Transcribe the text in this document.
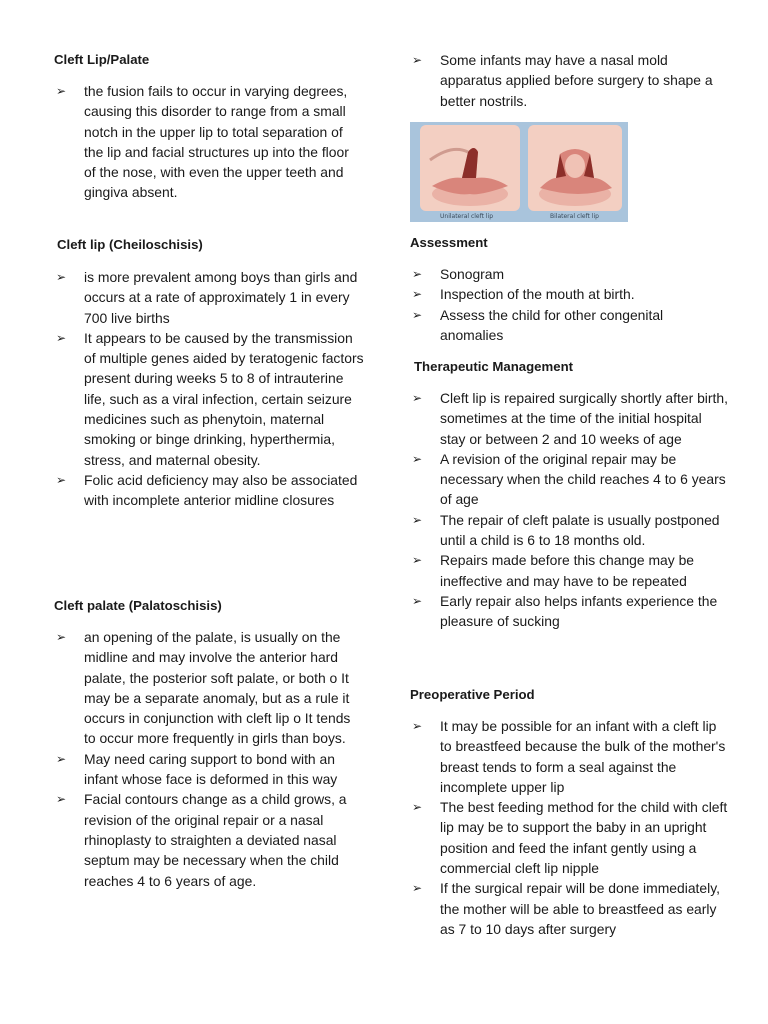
Cleft Lip/Palate
➢ the fusion fails to occur in varying degrees, causing this disorder to range from a small notch in the upper lip to total separation of the lip and facial structures up into the floor of the nose, with even the upper teeth and gingiva absent.
Cleft lip (Cheiloschisis)
➢ is more prevalent among boys than girls and occurs at a rate of approximately 1 in every 700 live births
➢ It appears to be caused by the transmission of multiple genes aided by teratogenic factors present during weeks 5 to 8 of intrauterine life, such as a viral infection, certain seizure medicines such as phenytoin, maternal smoking or binge drinking, hyperthermia, stress, and maternal obesity.
➢ Folic acid deficiency may also be associated with incomplete anterior midline closures
Cleft palate (Palatoschisis)
➢ an opening of the palate, is usually on the midline and may involve the anterior hard palate, the posterior soft palate, or both o It may be a separate anomaly, but as a rule it occurs in conjunction with cleft lip o It tends to occur more frequently in girls than boys.
➢ May need caring support to bond with an infant whose face is deformed in this way
➢ Facial contours change as a child grows, a revision of the original repair or a nasal rhinoplasty to straighten a deviated nasal septum may be necessary when the child reaches 4 to 6 years of age.
➢ Some infants may have a nasal mold apparatus applied before surgery to shape a better nostrils.
Unilateral cleft lip	Bilateral cleft lip
Assessment
➢ Sonogram
➢ Inspection of the mouth at birth.
➢ Assess the child for other congenital anomalies
Therapeutic Management
➢ Cleft lip is repaired surgically shortly after birth, sometimes at the time of the initial hospital stay or between 2 and 10 weeks of age
➢ A revision of the original repair may be necessary when the child reaches 4 to 6 years of age
➢ The repair of cleft palate is usually postponed until a child is 6 to 18 months old.
➢ Repairs made before this change may be ineffective and may have to be repeated
➢ Early repair also helps infants experience the pleasure of sucking
Preoperative Period
➢ It may be possible for an infant with a cleft lip to breastfeed because the bulk of the mother's breast tends to form a seal against the incomplete upper lip
➢ The best feeding method for the child with cleft lip may be to support the baby in an upright position and feed the infant gently using a commercial cleft lip nipple
➢ If the surgical repair will be done immediately, the mother will be able to breastfeed as early as 7 to 10 days after surgery
